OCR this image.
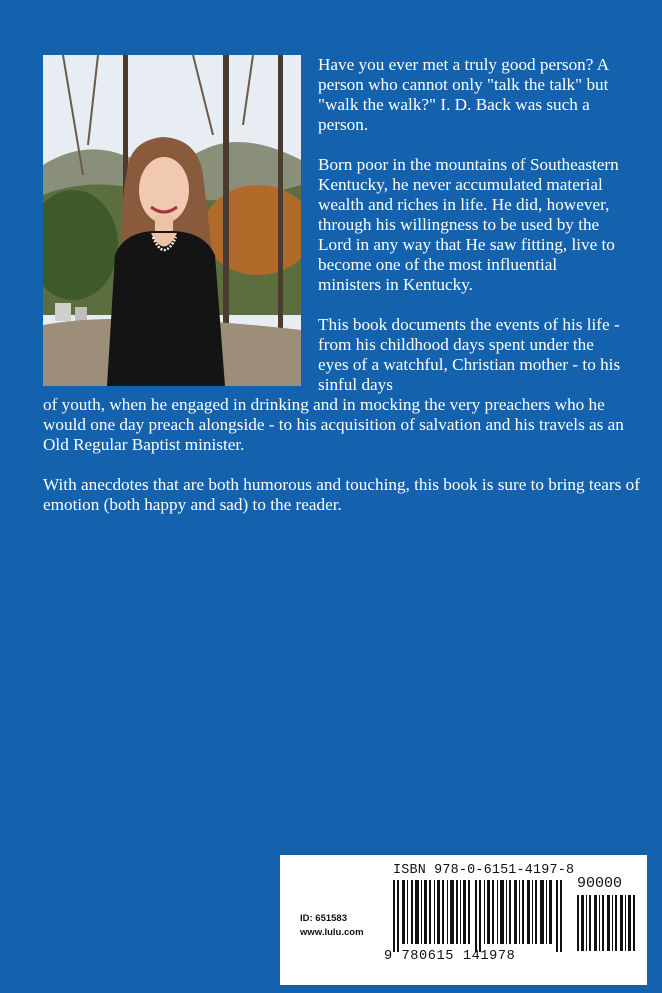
Have you ever met a truly good person? A person who cannot only "talk the talk" but "walk the walk?" I. D. Back was such a person.

Born poor in the mountains of Southeastern Kentucky, he never accumulated material wealth and riches in life. He did, however, through his willingness to be used by the Lord in any way that He saw fitting, live to become one of the most influential ministers in Kentucky.

This book documents the events of his life - from his childhood days spent under the eyes of a watchful, Christian mother - to his sinful days

of youth, when he engaged in drinking and in mocking the very preachers who he would one day preach alongside - to his acquisition of salvation and his travels as an Old Regular Baptist minister.

With anecdotes that are both humorous and touching, this book is sure to bring tears of emotion (both happy and sad) to the reader.

ISBN 978-0-6151-4197-8
90000
ID: 651583
www.lulu.com
9 780615 141978
